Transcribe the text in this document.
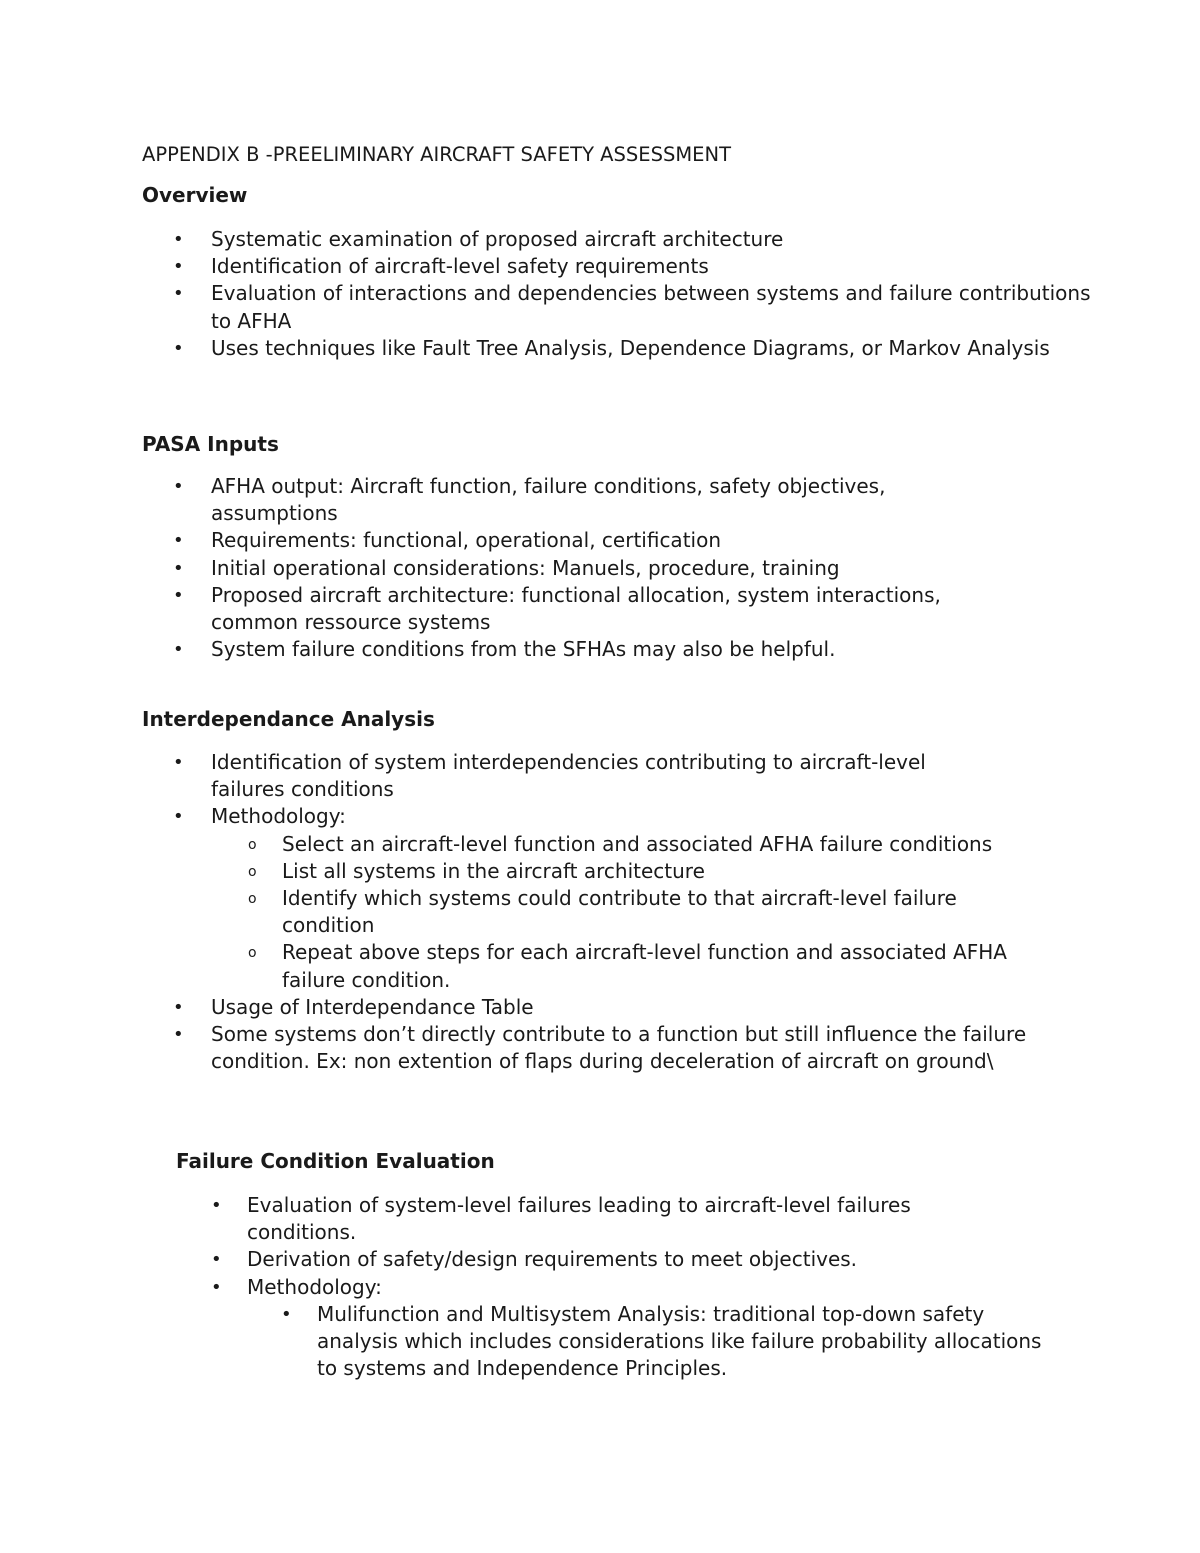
APPENDIX B -PREELIMINARY AIRCRAFT SAFETY ASSESSMENT
Overview
• Systematic examination of proposed aircraft architecture
• Identification of aircraft-level safety requirements
• Evaluation of interactions and dependencies between systems and failure contributions to AFHA
• Uses techniques like Fault Tree Analysis, Dependence Diagrams, or Markov Analysis
PASA Inputs
• AFHA output: Aircraft function, failure conditions, safety objectives, assumptions
• Requirements: functional, operational, certification
• Initial operational considerations: Manuels, procedure, training
• Proposed aircraft architecture: functional allocation, system interactions, common ressource systems
• System failure conditions from the SFHAs may also be helpful.
Interdependance Analysis
• Identification of system interdependencies contributing to aircraft-level failures conditions
• Methodology:
o Select an aircraft-level function and associated AFHA failure conditions
o List all systems in the aircraft architecture
o Identify which systems could contribute to that aircraft-level failure condition
o Repeat above steps for each aircraft-level function and associated AFHA failure condition.
• Usage of Interdependance Table
• Some systems don’t directly contribute to a function but still influence the failure condition. Ex: non extention of flaps during deceleration of aircraft on ground\
Failure Condition Evaluation
• Evaluation of system-level failures leading to aircraft-level failures conditions.
• Derivation of safety/design requirements to meet objectives.
• Methodology:
• Mulifunction and Multisystem Analysis: traditional top-down safety analysis which includes considerations like failure probability allocations to systems and Independence Principles.
